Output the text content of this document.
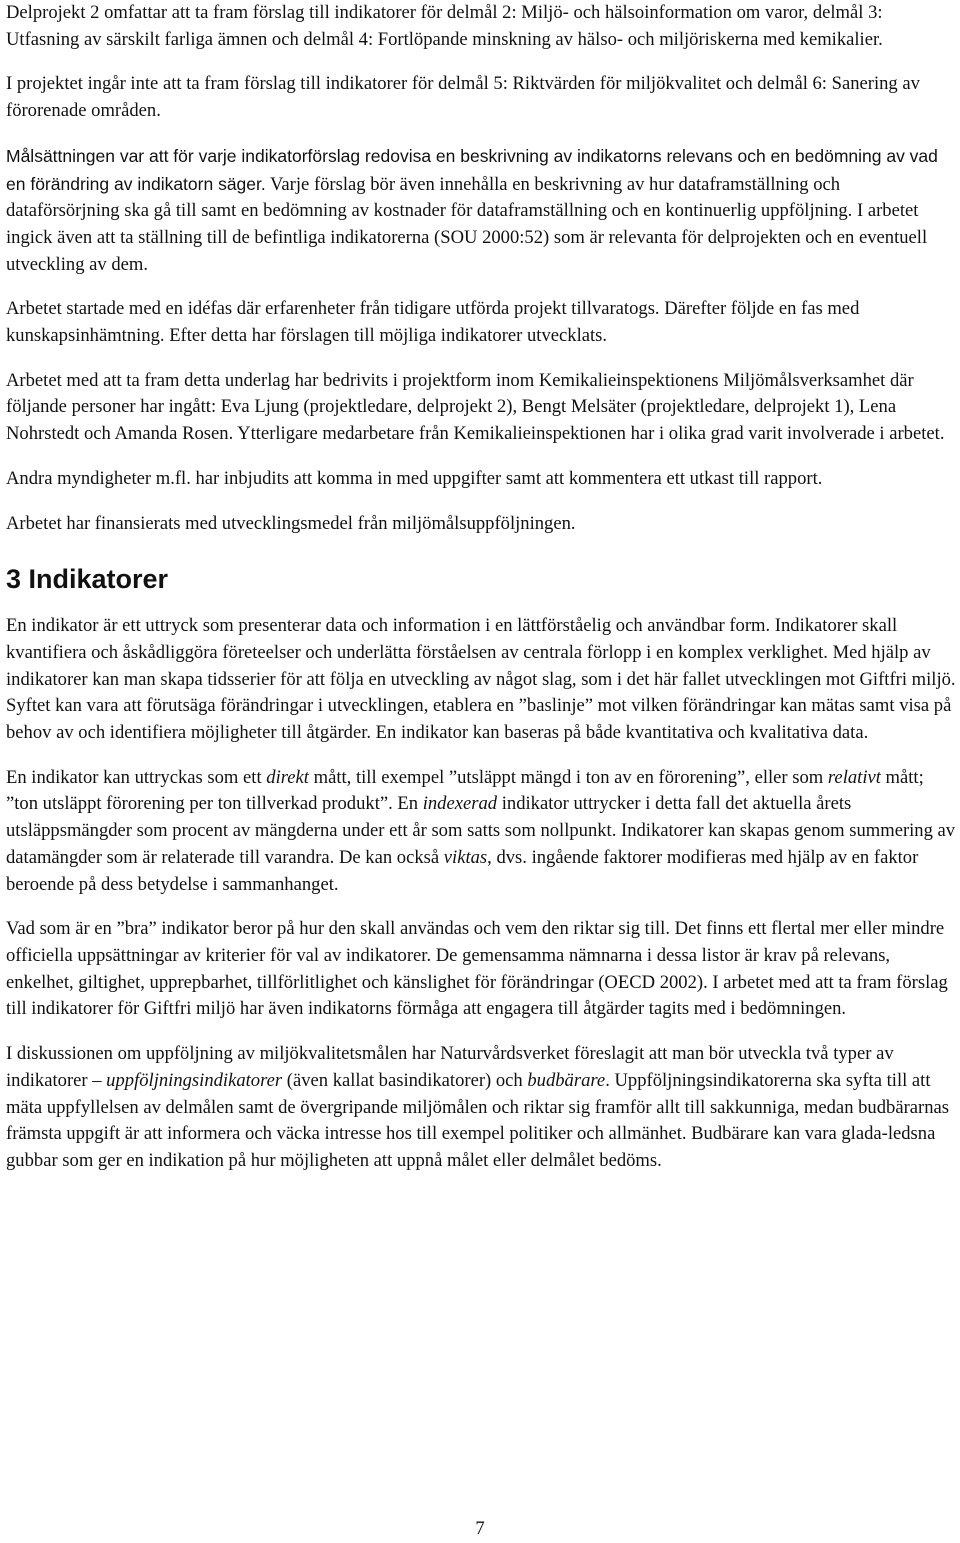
Delprojekt 2 omfattar att ta fram förslag till indikatorer för delmål 2: Miljö- och hälsoinformation om varor, delmål 3: Utfasning av särskilt farliga ämnen och delmål 4: Fortlöpande minskning av hälso- och miljöriskerna med kemikalier.

I projektet ingår inte att ta fram förslag till indikatorer för delmål 5: Riktvärden för miljökvalitet och delmål 6: Sanering av förorenade områden.

Målsättningen var att för varje indikatorförslag redovisa en beskrivning av indikatorns relevans och en bedömning av vad en förändring av indikatorn säger. Varje förslag bör även innehålla en beskrivning av hur dataframställning och dataförsörjning ska gå till samt en bedömning av kostnader för dataframställning och en kontinuerlig uppföljning. I arbetet ingick även att ta ställning till de befintliga indikatorerna (SOU 2000:52) som är relevanta för delprojekten och en eventuell utveckling av dem.

Arbetet startade med en idéfas där erfarenheter från tidigare utförda projekt tillvaratogs. Därefter följde en fas med kunskapsinhämtning. Efter detta har förslagen till möjliga indikatorer utvecklats.

Arbetet med att ta fram detta underlag har bedrivits i projektform inom Kemikalieinspektionens Miljömålsverksamhet där följande personer har ingått: Eva Ljung (projektledare, delprojekt 2), Bengt Melsäter (projektledare, delprojekt 1), Lena Nohrstedt och Amanda Rosen. Ytterligare medarbetare från Kemikalieinspektionen har i olika grad varit involverade i arbetet.

Andra myndigheter m.fl. har inbjudits att komma in med uppgifter samt att kommentera ett utkast till rapport.

Arbetet har finansierats med utvecklingsmedel från miljömålsuppföljningen.

3 Indikatorer

En indikator är ett uttryck som presenterar data och information i en lättförståelig och användbar form. Indikatorer skall kvantifiera och åskådliggöra företeelser och underlätta förståelsen av centrala förlopp i en komplex verklighet. Med hjälp av indikatorer kan man skapa tidsserier för att följa en utveckling av något slag, som i det här fallet utvecklingen mot Giftfri miljö. Syftet kan vara att förutsäga förändringar i utvecklingen, etablera en ”baslinje” mot vilken förändringar kan mätas samt visa på behov av och identifiera möjligheter till åtgärder. En indikator kan baseras på både kvantitativa och kvalitativa data.

En indikator kan uttryckas som ett direkt mått, till exempel ”utsläppt mängd i ton av en förorening”, eller som relativt mått; ”ton utsläppt förorening per ton tillverkad produkt”. En indexerad indikator uttrycker i detta fall det aktuella årets utsläppsmängder som procent av mängderna under ett år som satts som nollpunkt. Indikatorer kan skapas genom summering av datamängder som är relaterade till varandra. De kan också viktas, dvs. ingående faktorer modifieras med hjälp av en faktor beroende på dess betydelse i sammanhanget.

Vad som är en ”bra” indikator beror på hur den skall användas och vem den riktar sig till. Det finns ett flertal mer eller mindre officiella uppsättningar av kriterier för val av indikatorer. De gemensamma nämnarna i dessa listor är krav på relevans, enkelhet, giltighet, upprepbarhet, tillförlitlighet och känslighet för förändringar (OECD 2002). I arbetet med att ta fram förslag till indikatorer för Giftfri miljö har även indikatorns förmåga att engagera till åtgärder tagits med i bedömningen.

I diskussionen om uppföljning av miljökvalitetsmålen har Naturvårdsverket föreslagit att man bör utveckla två typer av indikatorer – uppföljningsindikatorer (även kallat basindikatorer) och budbärare. Uppföljningsindikatorerna ska syfta till att mäta uppfyllelsen av delmålen samt de övergripande miljömålen och riktar sig framför allt till sakkunniga, medan budbärarnas främsta uppgift är att informera och väcka intresse hos till exempel politiker och allmänhet. Budbärare kan vara glada-ledsna gubbar som ger en indikation på hur möjligheten att uppnå målet eller delmålet bedöms.

7
